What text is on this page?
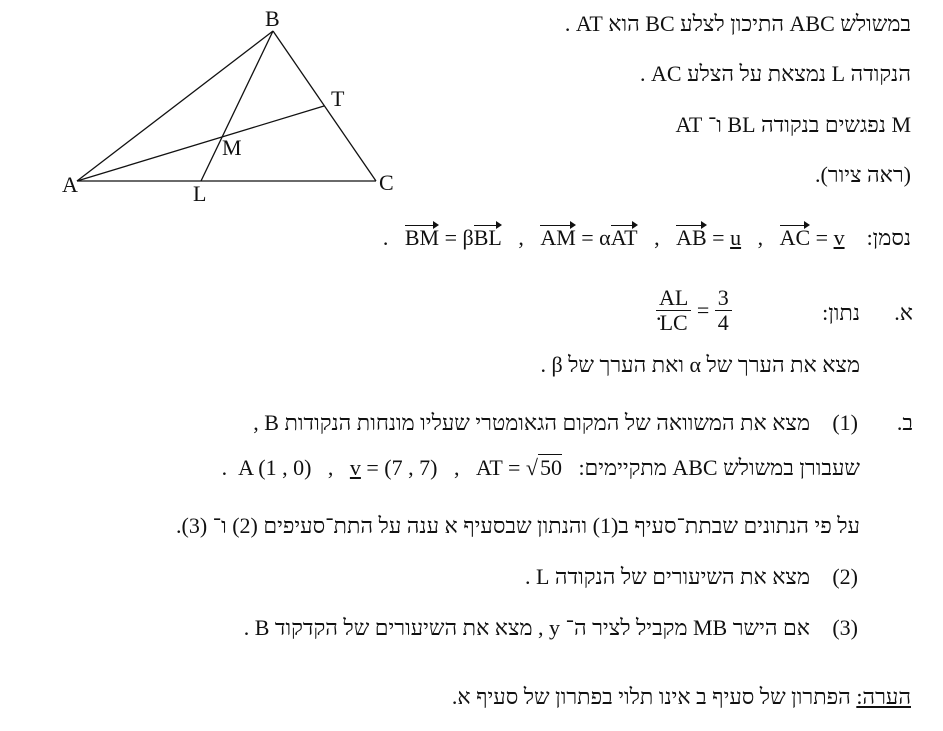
B
T
M
A	L	C
במשולש ABC התיכון לצלע BC הוא AT .
הנקודה L נמצאת על הצלע AC .
AT ו־ BL נפגשים בנקודה M
(ראה ציור).
נסמן:    AC = v   ,   AB = u   ,   AM = αAT   ,   BM = βBL   .
א.
נתון:
$\frac{AL}{LC} = \frac{3}{4}$
.
מצא את הערך של α ואת הערך של β .
ב.
(1)
מצא את המשוואה של המקום הגאומטרי שעליו מונחות הנקודות B ,
שעבורן במשולש ABC מתקיימים:   AT = √50   ,   v = (7 , 7)   ,   A (1 , 0)  .
על פי הנתונים שבתת־סעיף ב(1) והנתון שבסעיף א ענה על התת־סעיפים (2) ו־ (3).
(2)
מצא את השיעורים של הנקודה L .
(3)
אם הישר MB מקביל לציר ה־ y , מצא את השיעורים של הקדקוד B .
הערה: הפתרון של סעיף ב אינו תלוי בפתרון של סעיף א.
